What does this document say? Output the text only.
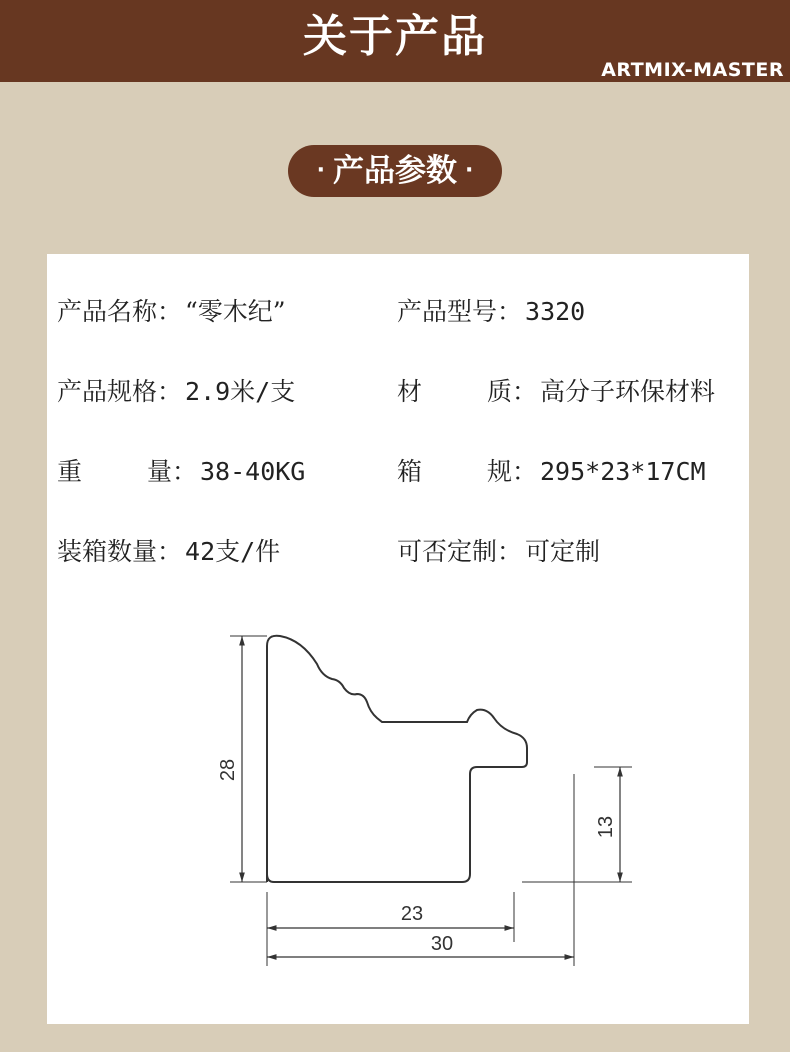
关于产品
ARTMIX-MASTER
· 产品参数 ·
产品名称： “零木纪”	产品型号： 3320
产品规格： 2.9米/支	材质： 高分子环保材料
重量： 38-40KG	箱规： 295*23*17CM
装箱数量： 42支/件	可否定制： 可定制
28
13
23
30
